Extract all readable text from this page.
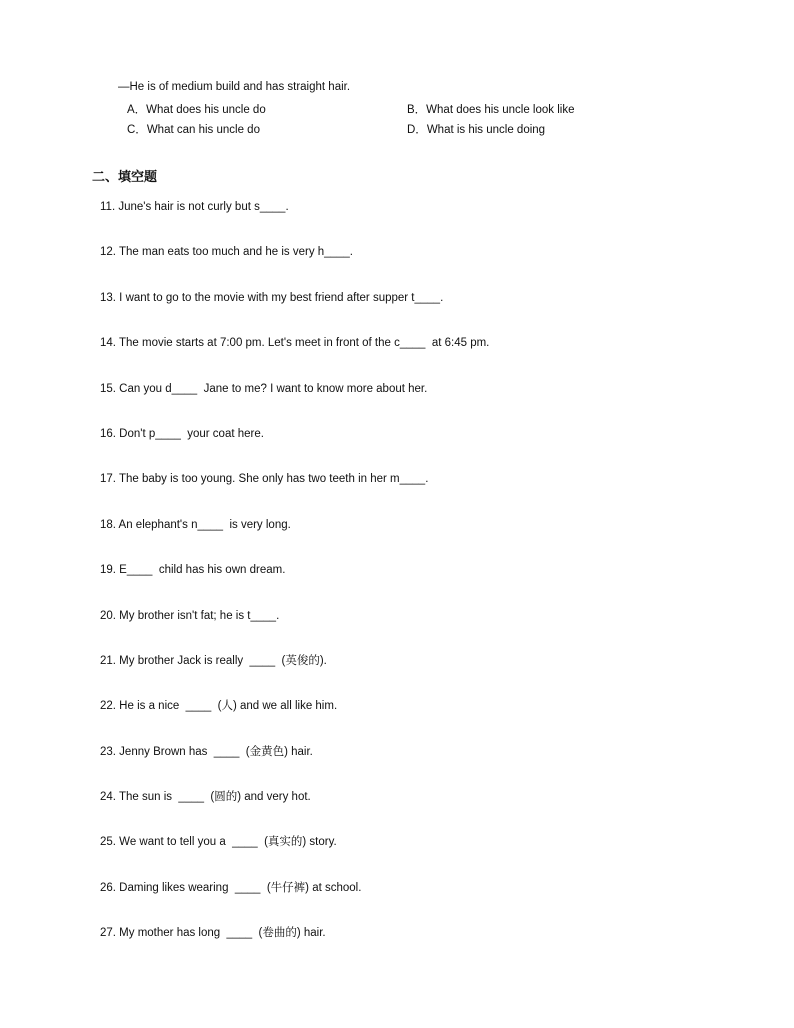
—He is of medium build and has straight hair.
A．What does his uncle do	B．What does his uncle look like
C．What can his uncle do	D．What is his uncle doing
二、填空题
11. June's hair is not curly but s____.
12. The man eats too much and he is very h____.
13. I want to go to the movie with my best friend after supper t____.
14. The movie starts at 7:00 pm. Let's meet in front of the c____  at 6:45 pm.
15. Can you d____  Jane to me? I want to know more about her.
16. Don't p____  your coat here.
17. The baby is too young. She only has two teeth in her m____.
18. An elephant's n____  is very long.
19. E____  child has his own dream.
20. My brother isn't fat; he is t____.
21. My brother Jack is really  ____  (英俊的).
22. He is a nice  ____  (人) and we all like him.
23. Jenny Brown has  ____  (金黄色) hair.
24. The sun is  ____  (圆的) and very hot.
25. We want to tell you a  ____  (真实的) story.
26. Daming likes wearing  ____  (牛仔裤) at school.
27. My mother has long  ____  (卷曲的) hair.
